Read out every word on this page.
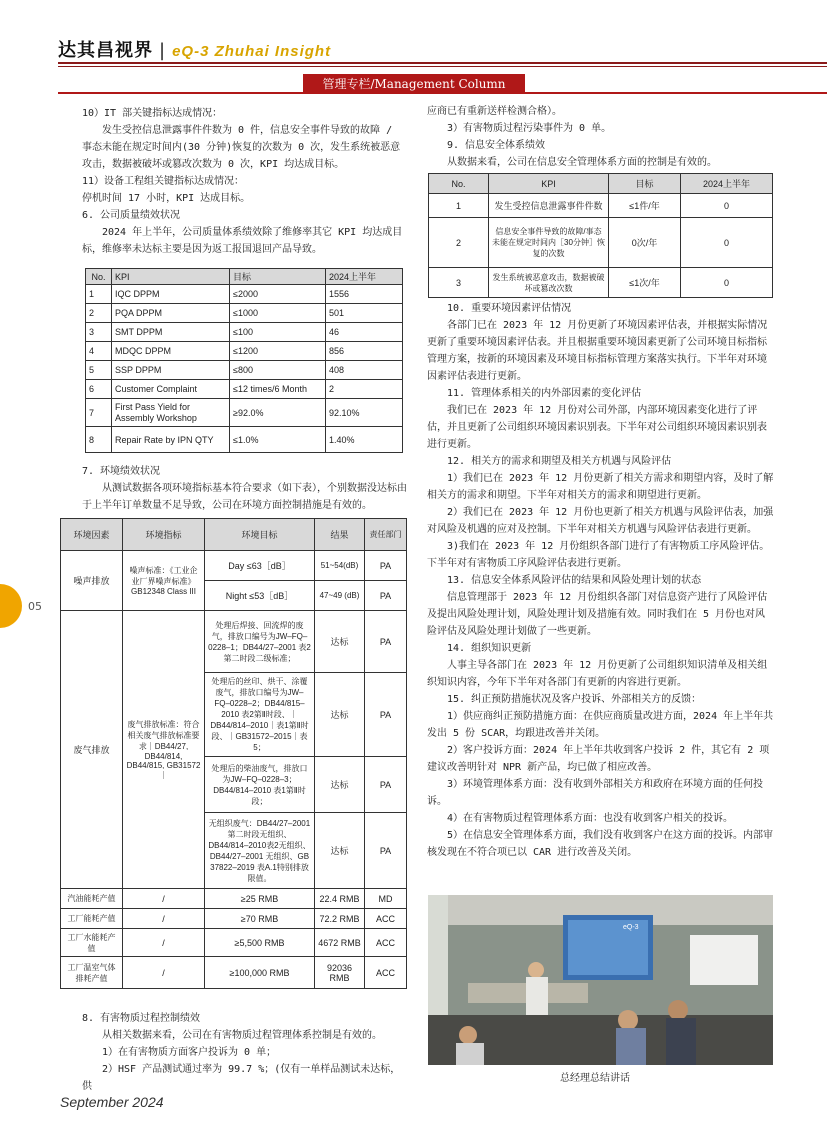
达其昌视界 | eQ-3 Zhuhai Insight
管理专栏/Management Column
05

10）IT 部关键指标达成情况：

发生受控信息泄露事件件数为 0 件，信息安全事件导致的故障 / 事态未能在规定时间内(30 分钟)恢复的次数为 0 次，发生系统被恶意攻击，数据被破坏或篡改次数为 0 次，KPI 均达成目标。

11）设备工程组关键指标达成情况：

停机时间 17 小时，KPI 达成目标。

6. 公司质量绩效状况

2024 年上半年，公司质量体系绩效除了维修率其它 KPI 均达成目标，维修率未达标主要是因为返工报国退回产品导致。

No.	KPI	目标	2024上半年
1	IQC DPPM	≤2000	1556
2	PQA DPPM	≤1000	501
3	SMT DPPM	≤100	46
4	MDQC DPPM	≤1200	856
5	SSP DPPM	≤800	408
6	Customer Complaint	≤12 times/6 Month	2
7	First Pass Yield for Assembly Workshop	≥92.0%	92.10%
8	Repair Rate by IPN QTY	≤1.0%	1.40%

7. 环境绩效状况

从测试数据各项环境指标基本符合要求（如下表），个别数据没达标由于上半年订单数量不足导致，公司在环境方面控制措施是有效的。

环境因素	环境指标	环境目标	结果	责任部门
噪声排放	噪声标准：《工业企业厂界噪声标准》GB12348 Class III	Day ≤63［dB］	51~54(dB)	PA
		Night ≤53［dB］	47~49 (dB)	PA
废气排放	废气排放标准：符合相关废气排放标准要求｜DB44/27, DB44/814, DB44/815, GB31572｜	处理后焊接、回流焊的废气，排放口编号为JW–FQ–0228–1；DB44/27–2001 表2第二时段二级标准；	达标	PA
		处理后的丝印、烘干、涂覆废气，排放口编号为JW–FQ–0228–2；DB44/815–2010 表2第Ⅱ时段、｜DB44/814–2010｜表1第Ⅱ时段、｜GB31572–2015｜表5；	达标	PA
		处理后的柴油废气，排放口为JW–FQ–0228–3；DB44/814–2010 表1第Ⅱ时段；	达标	PA
		无组织废气：DB44/27–2001 第二时段无组织、DB44/814–2010表2无组织、DB44/27–2001 无组织、GB 37822–2019 表A.1特别排放限值。	达标	PA
汽油能耗产值	/	≥25 RMB	22.4 RMB	MD
工厂能耗产值	/	≥70 RMB	72.2 RMB	ACC
工厂水能耗产值	/	≥5,500 RMB	4672 RMB	ACC
工厂温室气体排耗产值	/	≥100,000 RMB	92036 RMB	ACC

8. 有害物质过程控制绩效

从相关数据来看，公司在有害物质过程管理体系控制是有效的。

1）在有害物质方面客户投诉为 0 单；

2）HSF 产品测试通过率为 99.7 %；(仅有一单样品测试未达标，供

应商已有重新送样检测合格）。

3）有害物质过程污染事件为 0 单。

9. 信息安全体系绩效

从数据来看，公司在信息安全管理体系方面的控制是有效的。

No.	KPI	目标	2024上半年
1	发生受控信息泄露事件件数	≤1件/年	0
2	信息安全事件导致的故障/事态未能在规定时间内［30分钟］恢复的次数	0次/年	0
3	发生系统被恶意攻击，数据被破坏或篡改次数	≤1次/年	0

10. 重要环境因素评估情况

各部门已在 2023 年 12 月份更新了环境因素评估表，并根据实际情况更新了重要环境因素评估表。并且根据重要环境因素更新了公司环境目标指标管理方案，按新的环境因素及环境目标指标管理方案落实执行。下半年对环境因素评估表进行更新。

11. 管理体系相关的内外部因素的变化评估

我们已在 2023 年 12 月份对公司外部，内部环境因素变化进行了评估，并且更新了公司组织环境因素识别表。下半年对公司组织环境因素识别表进行更新。

12. 相关方的需求和期望及相关方机遇与风险评估

1）我们已在 2023 年 12 月份更新了相关方需求和期望内容，及时了解相关方的需求和期望。下半年对相关方的需求和期望进行更新。

2）我们已在 2023 年 12 月份也更新了相关方机遇与风险评估表，加强对风险及机遇的应对及控制。下半年对相关方机遇与风险评估表进行更新。

3)我们在 2023 年 12 月份组织各部门进行了有害物质工序风险评估。下半年对有害物质工序风险评估表进行更新。

13. 信息安全体系风险评估的结果和风险处理计划的状态

信息管理部于 2023 年 12 月份组织各部门对信息资产进行了风险评估及提出风险处理计划，风险处理计划及措施有效。同时我们在 5 月份也对风险评估及风险处理计划做了一些更新。

14. 组织知识更新

人事主导各部门在 2023 年 12 月份更新了公司组织知识清单及相关组织知识内容，今年下半年对各部门有更新的内容进行更新。

15. 纠正预防措施状况及客户投诉、外部相关方的反馈：

1）供应商纠正预防措施方面：在供应商质量改进方面，2024 年上半年共发出 5 份 SCAR，均跟进改善并关闭。

2）客户投诉方面：2024 年上半年共收到客户投诉 2 件，其它有 2 项建议改善明针对 NPR 新产品，均已做了相应改善。

3）环境管理体系方面：没有收到外部相关方和政府在环境方面的任何投诉。

4）在有害物质过程管理体系方面：也没有收到客户相关的投诉。

5）在信息安全管理体系方面，我们没有收到客户在这方面的投诉。内部审核发现在不符合项已以 CAR 进行改善及关闭。

eQ-3
总经理总结讲话
September 2024
